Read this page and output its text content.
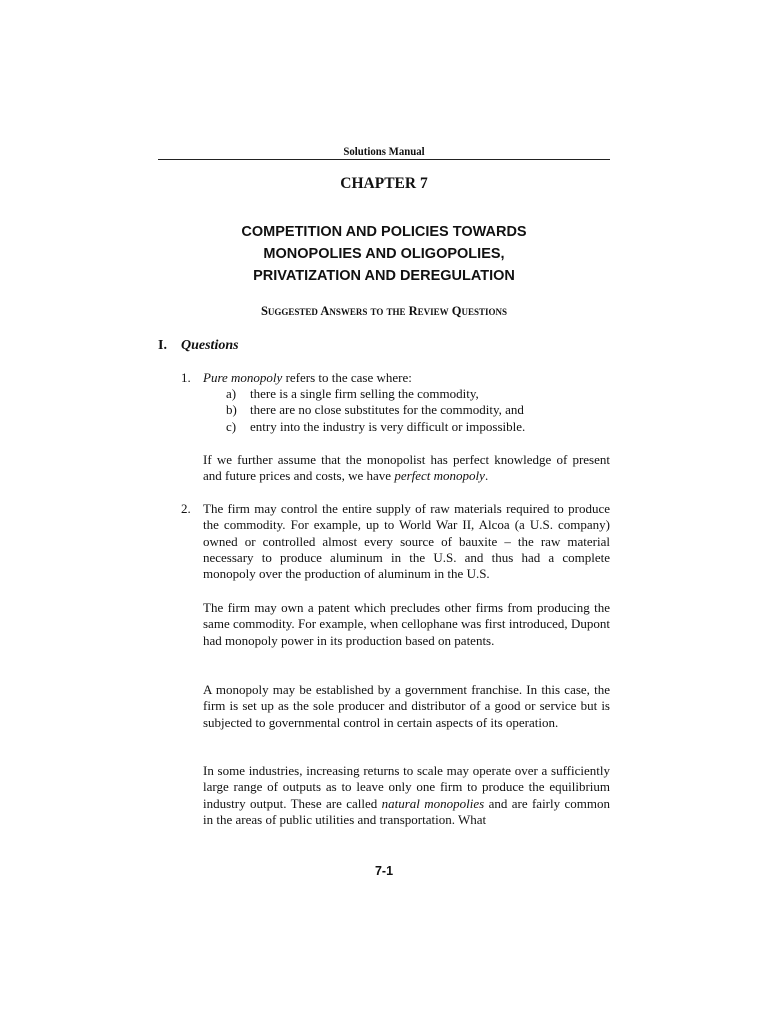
Solutions Manual
CHAPTER 7
COMPETITION AND POLICIES TOWARDS
MONOPOLIES AND OLIGOPOLIES,
PRIVATIZATION AND DEREGULATION
Suggested Answers to the Review Questions
I. Questions
1. Pure monopoly refers to the case where:
a) there is a single firm selling the commodity,
b) there are no close substitutes for the commodity, and
c) entry into the industry is very difficult or impossible.
If we further assume that the monopolist has perfect knowledge of present and future prices and costs, we have perfect monopoly.
2. The firm may control the entire supply of raw materials required to produce the commodity. For example, up to World War II, Alcoa (a U.S. company) owned or controlled almost every source of bauxite – the raw material necessary to produce aluminum in the U.S. and thus had a complete monopoly over the production of aluminum in the U.S.
The firm may own a patent which precludes other firms from producing the same commodity. For example, when cellophane was first introduced, Dupont had monopoly power in its production based on patents.
A monopoly may be established by a government franchise. In this case, the firm is set up as the sole producer and distributor of a good or service but is subjected to governmental control in certain aspects of its operation.
In some industries, increasing returns to scale may operate over a sufficiently large range of outputs as to leave only one firm to produce the equilibrium industry output. These are called natural monopolies and are fairly common in the areas of public utilities and transportation. What
7-1
